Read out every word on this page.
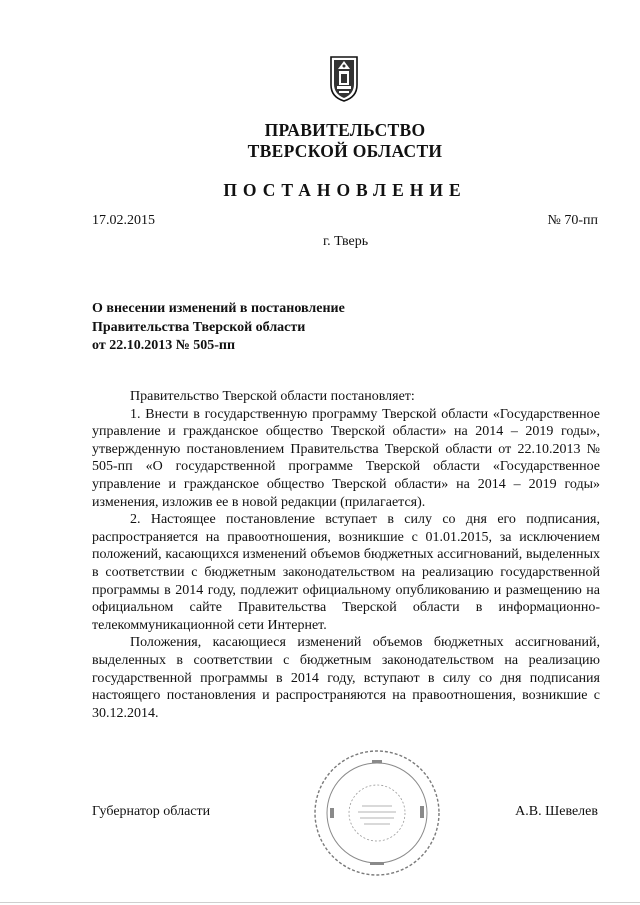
ПРАВИТЕЛЬСТВО
ТВЕРСКОЙ ОБЛАСТИ
ПОСТАНОВЛЕНИЕ
17.02.2015	№ 70-пп
г. Тверь
О внесении изменений в постановление
Правительства Тверской области
от 22.10.2013 № 505-пп

Правительство Тверской области постановляет:

1. Внести в государственную программу Тверской области «Государственное управление и гражданское общество Тверской области» на 2014 – 2019 годы», утвержденную постановлением Правительства Тверской области от 22.10.2013 № 505-пп «О государственной программе Тверской области «Государственное управление и гражданское общество Тверской области» на 2014 – 2019 годы» изменения, изложив ее в новой редакции (прилагается).

2. Настоящее постановление вступает в силу со дня его подписания, распространяется на правоотношения, возникшие с 01.01.2015, за исключением положений, касающихся изменений объемов бюджетных ассигнований, выделенных в соответствии с бюджетным законодательством на реализацию государственной программы в 2014 году, подлежит официальному опубликованию и размещению на официальном сайте Правительства Тверской области в информационно-телекоммуникационной сети Интернет.

Положения, касающиеся изменений объемов бюджетных ассигнований, выделенных в соответствии с бюджетным законодательством на реализацию государственной программы в 2014 году, вступают в силу со дня подписания настоящего постановления и распространяются на правоотношения, возникшие с 30.12.2014.

Губернатор области	А.В. Шевелев
